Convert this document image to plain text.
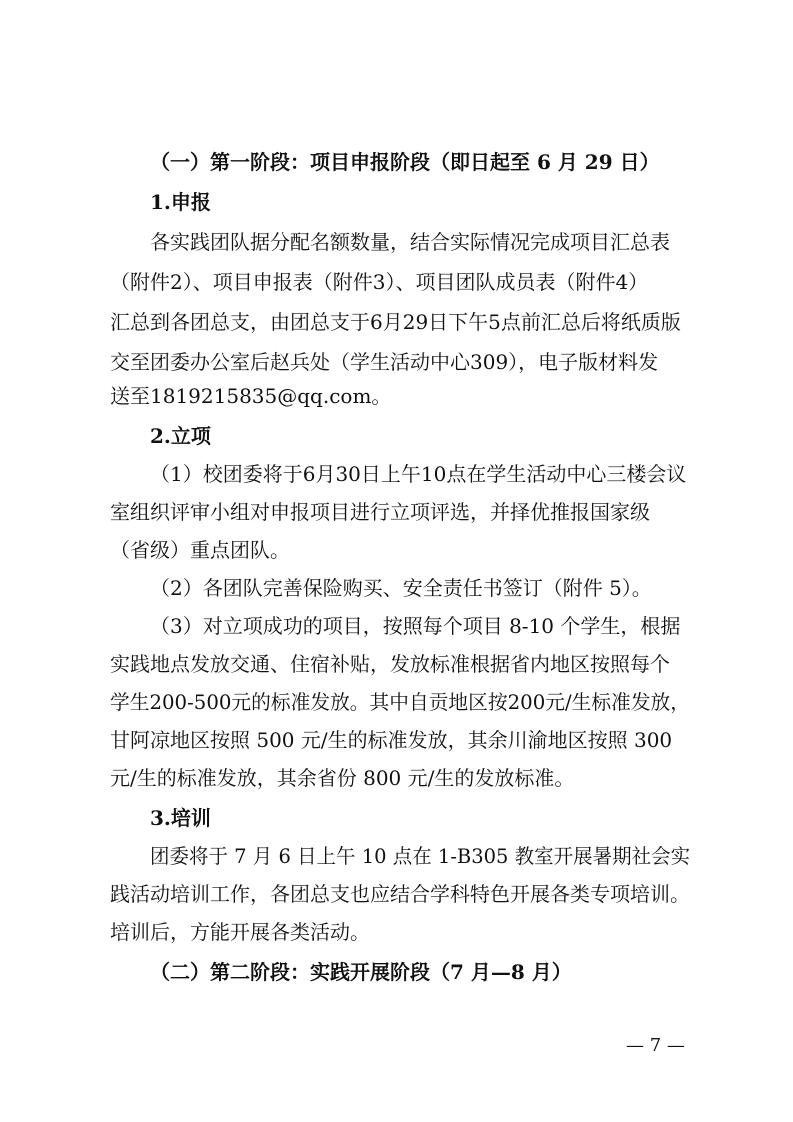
（一）第一阶段：项目申报阶段（即日起至 6 月 29 日）
1.申报
各实践团队据分配名额数量，结合实际情况完成项目汇总表
（附件2）、项目申报表（附件3）、项目团队成员表（附件4）
汇总到各团总支，由团总支于6月29日下午5点前汇总后将纸质版
交至团委办公室后赵兵处（学生活动中心309），电子版材料发
送至1819215835@qq.com。
2.立项
（1）校团委将于6月30日上午10点在学生活动中心三楼会议
室组织评审小组对申报项目进行立项评选，并择优推报国家级
（省级）重点团队。
（2）各团队完善保险购买、安全责任书签订（附件 5）。
（3）对立项成功的项目，按照每个项目 8-10 个学生，根据
实践地点发放交通、住宿补贴，发放标准根据省内地区按照每个
学生200-500元的标准发放。其中自贡地区按200元/生标准发放，
甘阿凉地区按照 500 元/生的标准发放，其余川渝地区按照 300
元/生的标准发放，其余省份 800 元/生的发放标准。
3.培训
团委将于 7 月 6 日上午 10 点在 1-B305 教室开展暑期社会实
践活动培训工作，各团总支也应结合学科特色开展各类专项培训。
培训后，方能开展各类活动。
（二）第二阶段：实践开展阶段（7 月—8 月）
— 7 —
